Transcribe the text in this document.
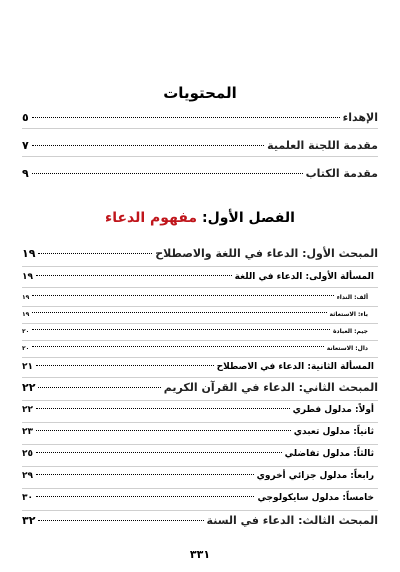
المحتويات
الإهداء
٥
مقدمة اللجنة العلمية
٧
مقدمة الكتاب
٩
الفصل الأول: مفهوم الدعاء
المبحث الأول: الدعاء في اللغة والاصطلاح
١٩
المسألة الأولى: الدعاء في اللغة
١٩
ألف: النداء
١٩
باء: الاستغاثة
١٩
جيم: العبادة
٢٠
دال: الاستعانة
٢٠
المسألة الثانية: الدعاء في الاصطلاح
٢١
المبحث الثاني: الدعاء في القرآن الكريم
٢٢
أولاً: مدلول فطري
٢٢
ثانياً: مدلول تعبدي
٢٣
ثالثاً: مدلول تفاضلي
٢٥
رابعاً: مدلول جزائي أخروي
٢٩
خامساً: مدلول سايكولوجي
٣٠
المبحث الثالث: الدعاء في السنة
٣٢
٣٣١
